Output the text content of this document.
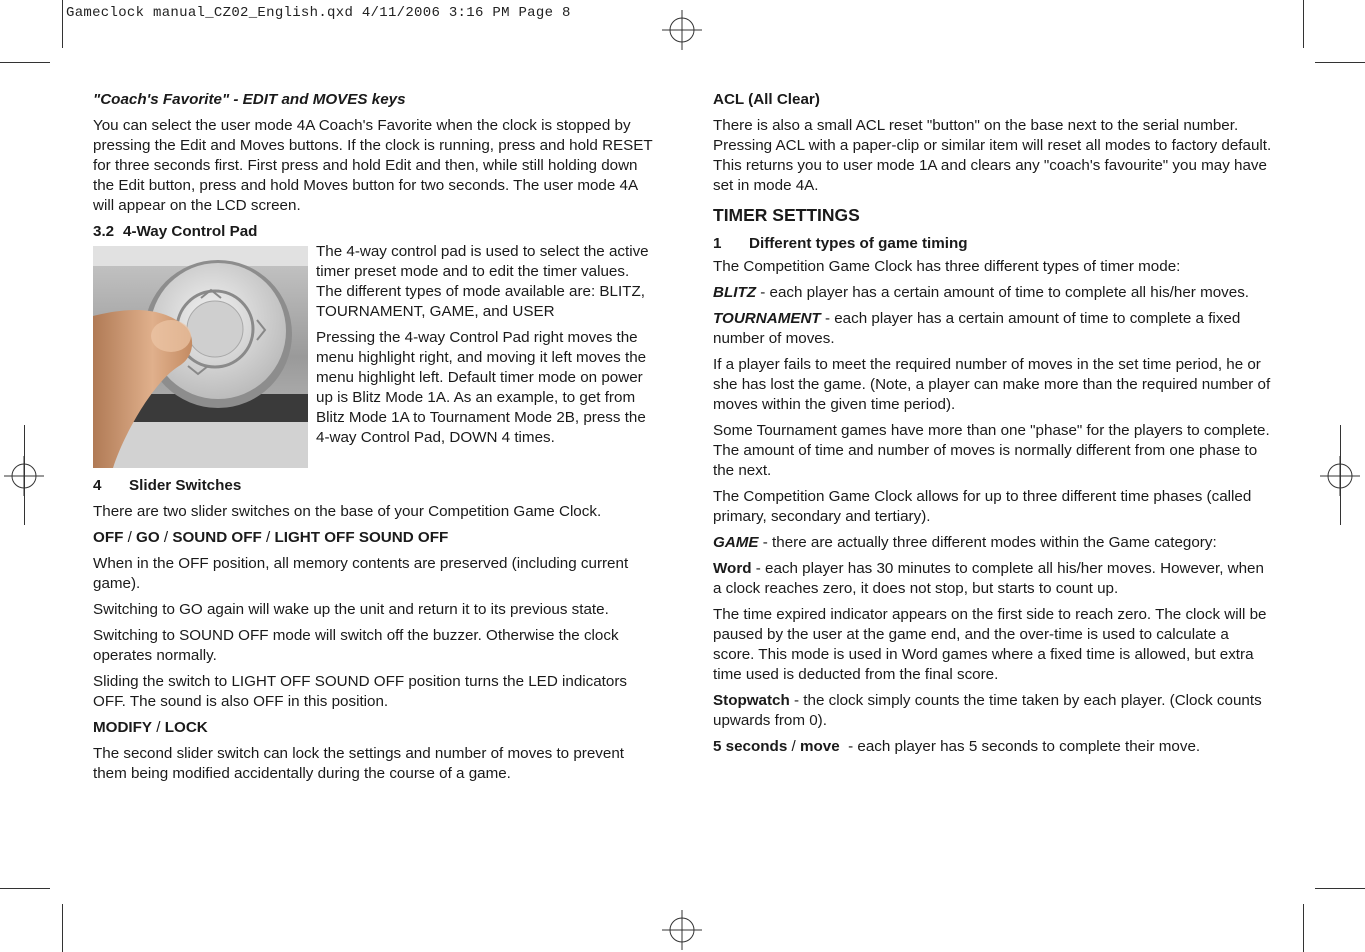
Gameclock manual_CZ02_English.qxd 4/11/2006 3:16 PM Page 8
"Coach's Favorite" - EDIT and MOVES keys

You can select the user mode 4A Coach's Favorite when the clock is stopped by pressing the Edit and Moves buttons. If the clock is running, press and hold RESET for three seconds first. First press and hold Edit and then, while still holding down the Edit button, press and hold Moves button for two seconds. The user mode 4A will appear on the LCD screen.

3.2 4-Way Control Pad

The 4-way control pad is used to select the active timer preset mode and to edit the timer values. The different types of mode available are: BLITZ, TOURNAMENT, GAME, and USER

Pressing the 4-way Control Pad right moves the menu highlight right, and moving it left moves the menu highlight left. Default timer mode on power up is Blitz Mode 1A. As an example, to get from Blitz Mode 1A to Tournament Mode 2B, press the 4-way Control Pad, DOWN 4 times.

4 Slider Switches

There are two slider switches on the base of your Competition Game Clock.

OFF / GO / SOUND OFF / LIGHT OFF SOUND OFF

When in the OFF position, all memory contents are preserved (including current game).

Switching to GO again will wake up the unit and return it to its previous state.

Switching to SOUND OFF mode will switch off the buzzer. Otherwise the clock operates normally.

Sliding the switch to LIGHT OFF SOUND OFF position turns the LED indicators OFF. The sound is also OFF in this position.

MODIFY / LOCK

The second slider switch can lock the settings and number of moves to prevent them being modified accidentally during the course of a game.

ACL (All Clear)

There is also a small ACL reset "button" on the base next to the serial number. Pressing ACL with a paper-clip or similar item will reset all modes to factory default. This returns you to user mode 1A and clears any "coach's favourite" you may have set in mode 4A.

TIMER SETTINGS
1 Different types of game timing

The Competition Game Clock has three different types of timer mode:

BLITZ - each player has a certain amount of time to complete all his/her moves.

TOURNAMENT - each player has a certain amount of time to complete a fixed number of moves.

If a player fails to meet the required number of moves in the set time period, he or she has lost the game. (Note, a player can make more than the required number of moves within the given time period).

Some Tournament games have more than one "phase" for the players to complete. The amount of time and number of moves is normally different from one phase to the next.

The Competition Game Clock allows for up to three different time phases (called primary, secondary and tertiary).

GAME - there are actually three different modes within the Game category:

Word - each player has 30 minutes to complete all his/her moves. However, when a clock reaches zero, it does not stop, but starts to count up.

The time expired indicator appears on the first side to reach zero. The clock will be paused by the user at the game end, and the over-time is used to calculate a score. This mode is used in Word games where a fixed time is allowed, but extra time used is deducted from the final score.

Stopwatch - the clock simply counts the time taken by each player. (Clock counts upwards from 0).

5 seconds / move  - each player has 5 seconds to complete their move.
